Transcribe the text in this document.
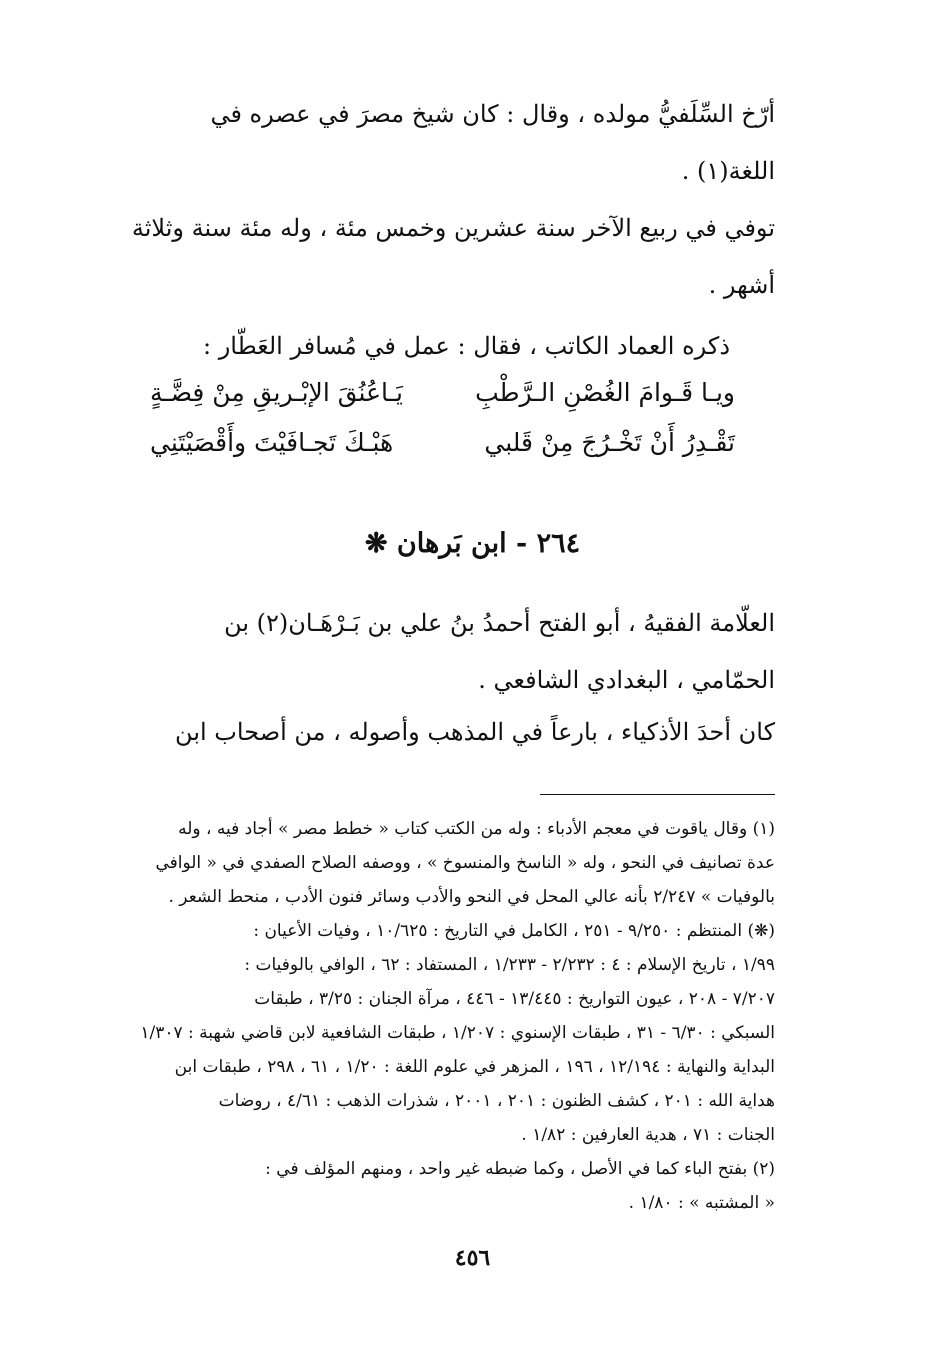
أرّخ السِّلَفيُّ مولده ، وقال : كان شيخ مصرَ في عصره في
اللغة(١) .
توفي في ربيع الآخر سنة عشرين وخمس مئة ، وله مئة سنة وثلاثة
أشهر .
ذكره العماد الكاتب ، فقال : عمل في مُسافر العَطّار :
يَـاعُنُقَ الإبْـريقِ مِنْ فِضَّـةٍ	ويـا قَـوامَ الغُصْنِ الـرَّطْبِ
هَبْـكَ تَجـافَيْتَ وأَقْصَيْتَنِي	تَقْـدِرُ أَنْ تَخْـرُجَ مِنْ قَلبي
٢٦٤ - ابن بَرهان ❋
العلّامة الفقيهُ ، أبو الفتح أحمدُ بنُ علي بن بَـرْهَـان(٢) بن
الحمّامي ، البغدادي الشافعي .
كان أحدَ الأذكياء ، بارعاً في المذهب وأصوله ، من أصحاب ابن
(١) وقال ياقوت في معجم الأدباء : وله من الكتب كتاب « خطط مصر » أجاد فيه ، وله
عدة تصانيف في النحو ، وله « الناسخ والمنسوخ » ، ووصفه الصلاح الصفدي في « الوافي
بالوفيات » ٢/٢٤٧ بأنه عالي المحل في النحو والأدب وسائر فنون الأدب ، منحط الشعر .
(❋) المنتظم : ٩/٢٥٠ - ٢٥١ ، الكامل في التاريخ : ١٠/٦٢٥ ، وفيات الأعيان :
١/٩٩ ، تاريخ الإسلام : ٤ : ٢/٢٣٢ - ١/٢٣٣ ، المستفاد : ٦٢ ، الوافي بالوفيات :
٧/٢٠٧ - ٢٠٨ ، عيون التواريخ : ١٣/٤٤٥ - ٤٤٦ ، مرآة الجنان : ٣/٢٥ ، طبقات
السبكي : ٦/٣٠ - ٣١ ، طبقات الإسنوي : ١/٢٠٧ ، طبقات الشافعية لابن قاضي شهبة : ١/٣٠٧
البداية والنهاية : ١٢/١٩٤ ، ١٩٦ ، المزهر في علوم اللغة : ١/٢٠ ، ٦١ ، ٢٩٨ ، طبقات ابن
هداية الله : ٢٠١ ، كشف الظنون : ٢٠١ ، ٢٠٠١ ، شذرات الذهب : ٤/٦١ ، روضات
الجنات : ٧١ ، هدية العارفين : ١/٨٢ .
(٢) بفتح الباء كما في الأصل ، وكما ضبطه غير واحد ، ومنهم المؤلف في :
« المشتبه » : ١/٨٠ .
٤٥٦
